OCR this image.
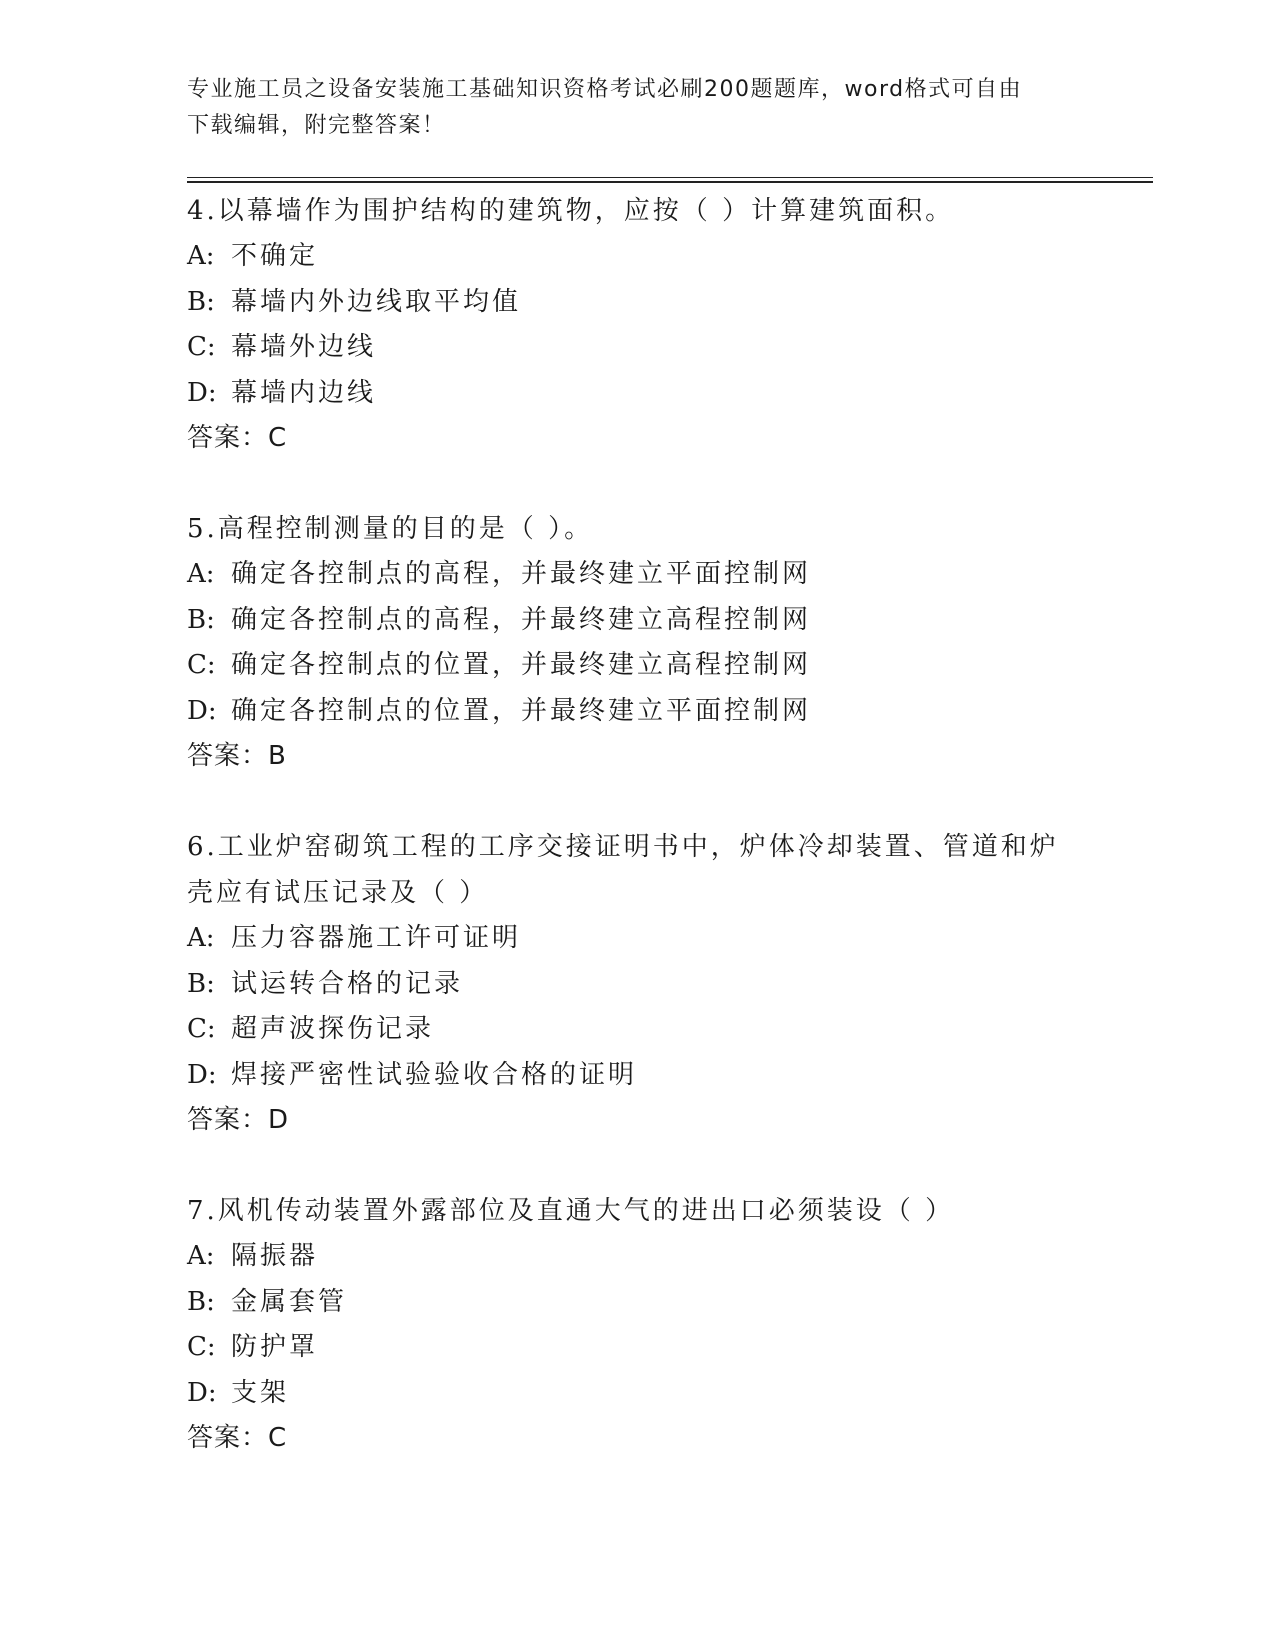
专业施工员之设备安装施工基础知识资格考试必刷200题题库，word格式可自由
下载编辑，附完整答案！
4.以幕墙作为围护结构的建筑物，应按（ ）计算建筑面积。
A: 不确定
B: 幕墙内外边线取平均值
C: 幕墙外边线
D: 幕墙内边线
答案：C
5.高程控制测量的目的是（ ）。
A: 确定各控制点的高程，并最终建立平面控制网
B: 确定各控制点的高程，并最终建立高程控制网
C: 确定各控制点的位置，并最终建立高程控制网
D: 确定各控制点的位置，并最终建立平面控制网
答案：B
6.工业炉窑砌筑工程的工序交接证明书中，炉体冷却装置、管道和炉
壳应有试压记录及（ ）
A: 压力容器施工许可证明
B: 试运转合格的记录
C: 超声波探伤记录
D: 焊接严密性试验验收合格的证明
答案：D
7.风机传动装置外露部位及直通大气的进出口必须装设（ ）
A: 隔振器
B: 金属套管
C: 防护罩
D: 支架
答案：C
